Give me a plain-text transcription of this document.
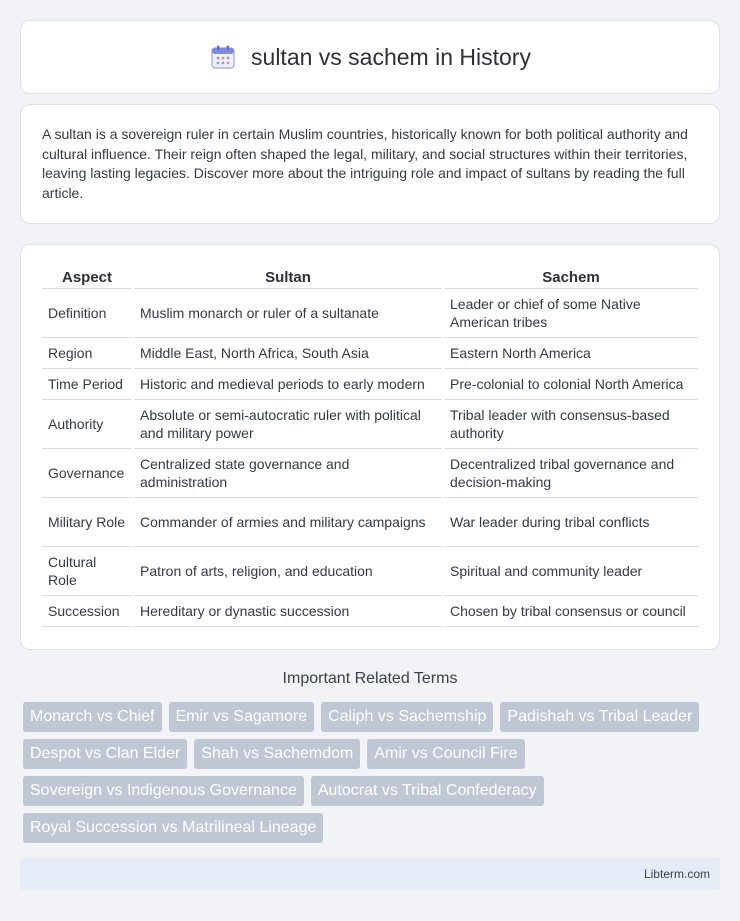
sultan vs sachem in History

A sultan is a sovereign ruler in certain Muslim countries, historically known for both political authority and cultural influence. Their reign often shaped the legal, military, and social structures within their territories, leaving lasting legacies. Discover more about the intriguing role and impact of sultans by reading the full article.

Aspect	Sultan	Sachem
Definition	Muslim monarch or ruler of a sultanate	Leader or chief of some Native American tribes
Region	Middle East, North Africa, South Asia	Eastern North America
Time Period	Historic and medieval periods to early modern	Pre-colonial to colonial North America
Authority	Absolute or semi-autocratic ruler with political and military power	Tribal leader with consensus-based authority
Governance	Centralized state governance and administration	Decentralized tribal governance and decision-making
Military Role	Commander of armies and military campaigns	War leader during tribal conflicts
Cultural Role	Patron of arts, religion, and education	Spiritual and community leader
Succession	Hereditary or dynastic succession	Chosen by tribal consensus or council
Important Related Terms
Monarch vs Chief	Emir vs Sagamore	Caliph vs Sachemship	Padishah vs Tribal Leader
Despot vs Clan Elder	Shah vs Sachemdom	Amir vs Council Fire
Sovereign vs Indigenous Governance	Autocrat vs Tribal Confederacy
Royal Succession vs Matrilineal Lineage
Libterm.com
